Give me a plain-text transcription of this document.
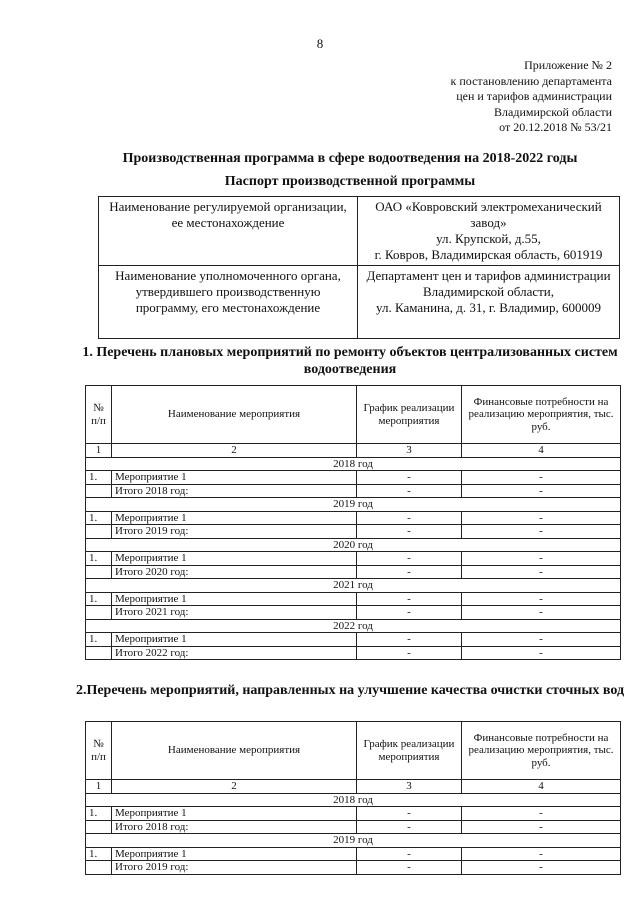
8
Приложение № 2
к постановлению департамента
цен и тарифов администрации
Владимирской области
от 20.12.2018 № 53/21
Производственная программа в сфере водоотведения на 2018-2022 годы
Паспорт производственной программы
Наименование регулируемой организации, ее местонахождение	ОАО «Ковровский электромеханический завод»
ул. Крупской, д.55,
г. Ковров, Владимирская область, 601919

Наименование уполномоченного органа, утвердившего производственную программу, его местонахождение	Департамент цен и тарифов администрации Владимирской области,
ул. Каманина, д. 31, г. Владимир, 600009
1. Перечень плановых мероприятий по ремонту объектов централизованных систем водоотведения
№ п/п	Наименование мероприятия	График реализации мероприятия	Финансовые потребности на реализацию мероприятия, тыс. руб.
1	2	3	4
2018 год			
1.	Мероприятие 1	-	-
	Итого 2018 год:	-	-
2019 год			
1.	Мероприятие 1	-	-
	Итого 2019 год:	-	-
2020 год			
1.	Мероприятие 1	-	-
	Итого 2020 год:	-	-
2021 год			
1.	Мероприятие 1	-	-
	Итого 2021 год:	-	-
2022 год			
1.	Мероприятие 1	-	-
	Итого 2022 год:	-	-
2.Перечень мероприятий, направленных на улучшение качества очистки сточных вод
№ п/п	Наименование мероприятия	График реализации мероприятия	Финансовые потребности на реализацию мероприятия, тыс. руб.
1	2	3	4
2018 год			
1.	Мероприятие 1	-	-
	Итого 2018 год:	-	-
2019 год			
1.	Мероприятие 1	-	-
	Итого 2019 год:	-	-
